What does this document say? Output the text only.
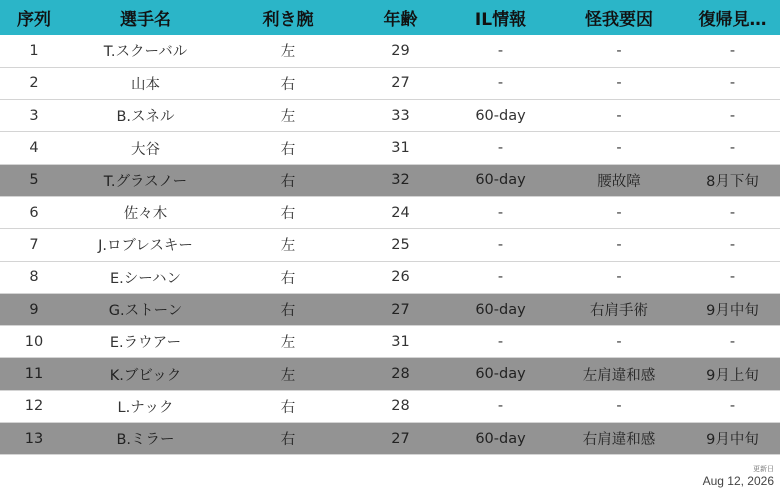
序列	選手名	利き腕	年齢	IL情報	怪我要因	復帰見…
1	T.スクーバル	左	29	-	-	-
2	山本	右	27	-	-	-
3	B.スネル	左	33	60-day	-	-
4	大谷	右	31	-	-	-
5	T.グラスノー	右	32	60-day	腰故障	8月下旬
6	佐々木	右	24	-	-	-
7	J.ロブレスキー	左	25	-	-	-
8	E.シーハン	右	26	-	-	-
9	G.ストーン	右	27	60-day	右肩手術	9月中旬
10	E.ラウアー	左	31	-	-	-
11	K.ブビック	左	28	60-day	左肩違和感	9月上旬
12	L.ナック	右	28	-	-	-
13	B.ミラー	右	27	60-day	右肩違和感	9月中旬
更新日
Aug 12, 2026
